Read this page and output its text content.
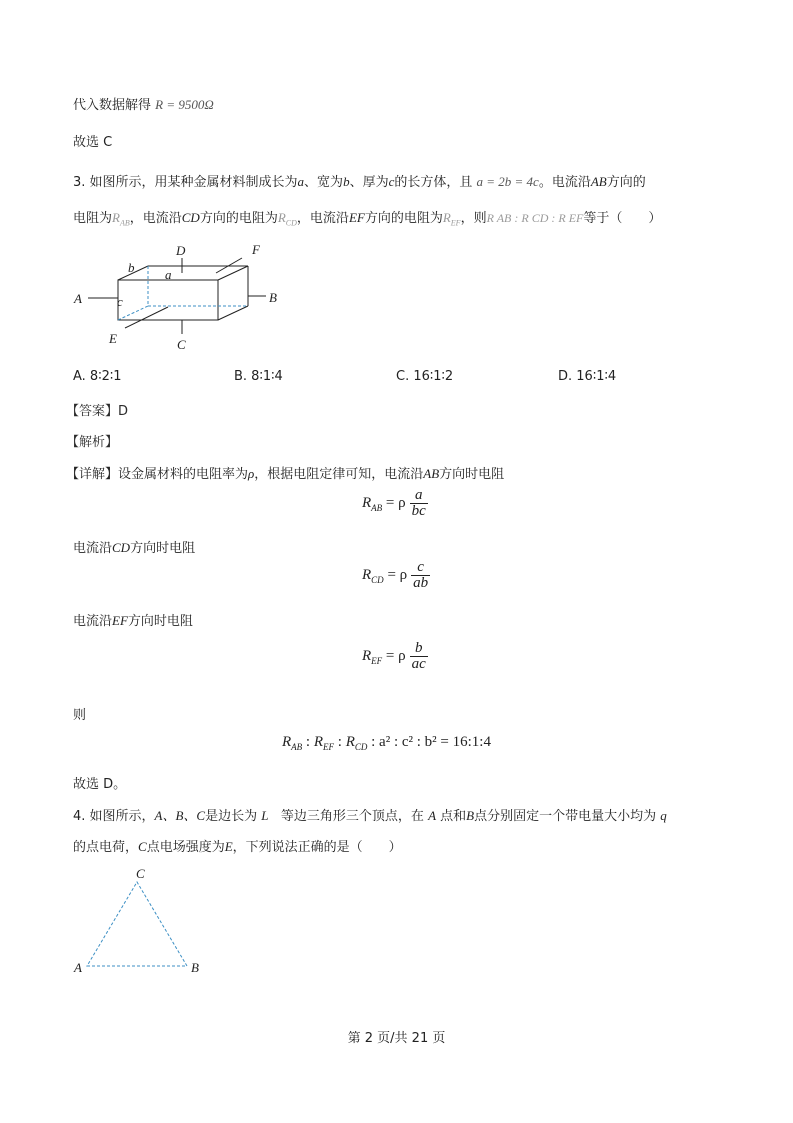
代入数据解得 R = 9500Ω
故选 C
3. 如图所示，用某种金属材料制成长为a、宽为b、厚为c的长方体，且 a = 2b = 4c。电流沿AB方向的
电阻为$R_{AB}$，电流沿CD方向的电阻为$R_{CD}$，电流沿EF方向的电阻为$R_{EF}$，则R AB : R CD : R EF等于（　　）
A	B
C
D
E
F
a
b
c
A. 8∶2∶1	B. 8∶1∶4	C. 16∶1∶2	D. 16∶1∶4
【答案】D
【解析】
【详解】设金属材料的电阻率为ρ，根据电阻定律可知，电流沿AB方向时电阻
R AB
= ρ $\frac{a}{bc}$
电流沿CD方向时电阻
R CD
= ρ $\frac{c}{ab}$
电流沿EF方向时电阻
R EF
= ρ $\frac{b}{ac}$
则
R AB : R EF : R CD
: a² : c² : b² = 16:1:4
故选 D。
4. 如图所示，A、B、C是边长为 L 等边三角形三个顶点，在 A 点和B点分别固定一个带电量大小均为 q
的点电荷，C点电场强度为E，下列说法正确的是（　　）
A	B
C
第 2 页/共 21 页
